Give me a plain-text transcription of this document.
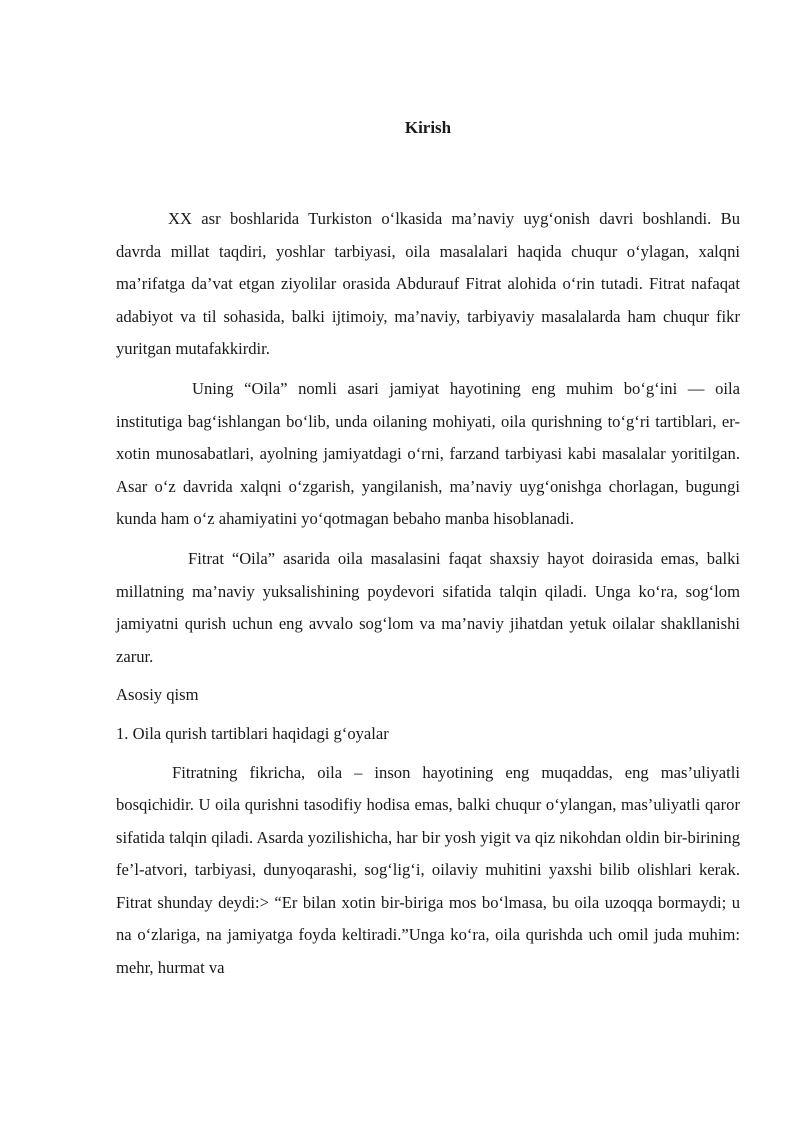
Kirish

XX asr boshlarida Turkiston o‘lkasida ma’naviy uyg‘onish davri boshlandi. Bu davrda millat taqdiri, yoshlar tarbiyasi, oila masalalari haqida chuqur o‘ylagan, xalqni ma’rifatga da’vat etgan ziyolilar orasida Abdurauf Fitrat alohida o‘rin tutadi. Fitrat nafaqat adabiyot va til sohasida, balki ijtimoiy, ma’naviy, tarbiyaviy masalalarda ham chuqur fikr yuritgan mutafakkirdir.

Uning “Oila” nomli asari jamiyat hayotining eng muhim bo‘g‘ini — oila institutiga bag‘ishlangan bo‘lib, unda oilaning mohiyati, oila qurishning to‘g‘ri tartiblari, er-xotin munosabatlari, ayolning jamiyatdagi o‘rni, farzand tarbiyasi kabi masalalar yoritilgan. Asar o‘z davrida xalqni o‘zgarish, yangilanish, ma’naviy uyg‘onishga chorlagan, bugungi kunda ham o‘z ahamiyatini yo‘qotmagan bebaho manba hisoblanadi.

Fitrat “Oila” asarida oila masalasini faqat shaxsiy hayot doirasida emas, balki millatning ma’naviy yuksalishining poydevori sifatida talqin qiladi. Unga ko‘ra, sog‘lom jamiyatni qurish uchun eng avvalo sog‘lom va ma’naviy jihatdan yetuk oilalar shakllanishi zarur.

Asosiy qism

1. Oila qurish tartiblari haqidagi g‘oyalar

Fitratning fikricha, oila – inson hayotining eng muqaddas, eng mas’uliyatli bosqichidir. U oila qurishni tasodifiy hodisa emas, balki chuqur o‘ylangan, mas’uliyatli qaror sifatida talqin qiladi. Asarda yozilishicha, har bir yosh yigit va qiz nikohdan oldin bir-birining fe’l-atvori, tarbiyasi, dunyoqarashi, sog‘lig‘i, oilaviy muhitini yaxshi bilib olishlari kerak. Fitrat shunday deydi:> “Er bilan xotin bir-biriga mos bo‘lmasa, bu oila uzoqqa bormaydi; u na o‘zlariga, na jamiyatga foyda keltiradi.”Unga ko‘ra, oila qurishda uch omil juda muhim: mehr, hurmat va
